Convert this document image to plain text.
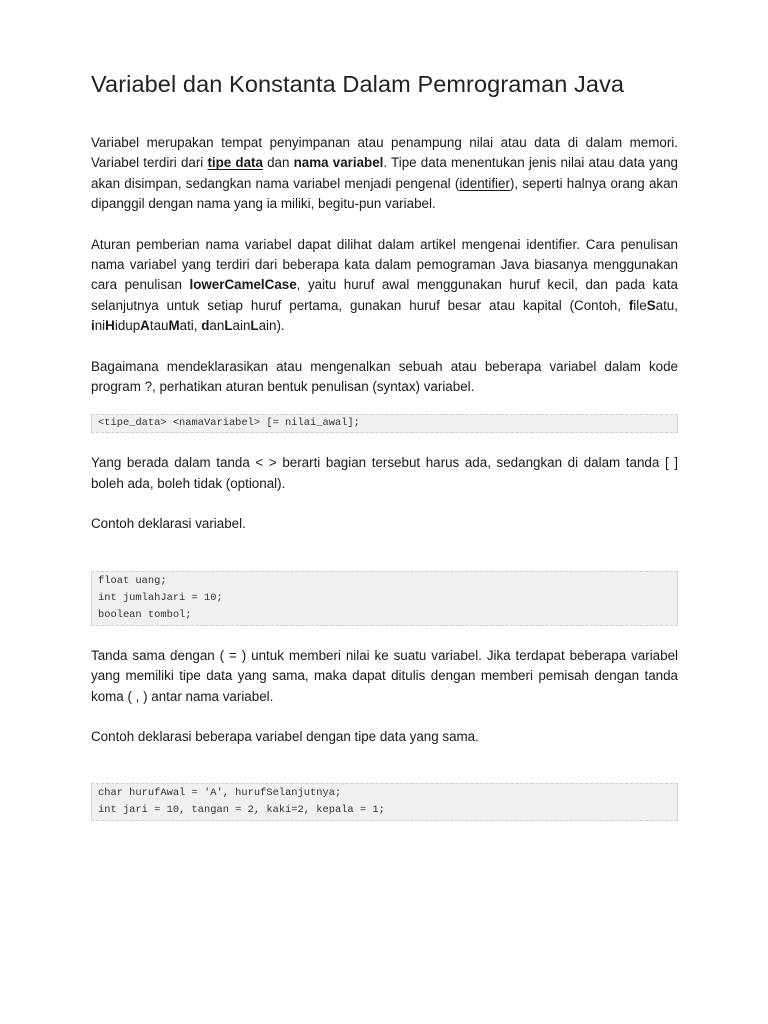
Variabel dan Konstanta Dalam Pemrograman Java

Variabel merupakan tempat penyimpanan atau penampung nilai atau data di dalam memori. Variabel terdiri dari tipe data dan nama variabel. Tipe data menentukan jenis nilai atau data yang akan disimpan, sedangkan nama variabel menjadi pengenal (identifier), seperti halnya orang akan dipanggil dengan nama yang ia miliki, begitu-pun variabel.

Aturan pemberian nama variabel dapat dilihat dalam artikel mengenai identifier. Cara penulisan nama variabel yang terdiri dari beberapa kata dalam pemograman Java biasanya menggunakan cara penulisan lowerCamelCase, yaitu huruf awal menggunakan huruf kecil, dan pada kata selanjutnya untuk setiap huruf pertama, gunakan huruf besar atau kapital (Contoh, fileSatu, iniHidupAtauMati, danLainLain).

Bagaimana mendeklarasikan atau mengenalkan sebuah atau beberapa variabel dalam kode program ?, perhatikan aturan bentuk penulisan (syntax) variabel.

<tipe_data> <namaVariabel> [= nilai_awal];

Yang berada dalam tanda < > berarti bagian tersebut harus ada, sedangkan di dalam tanda [ ] boleh ada, boleh tidak (optional).

Contoh deklarasi variabel.

float uang;
int jumlahJari = 10;
boolean tombol;

Tanda sama dengan ( = ) untuk memberi nilai ke suatu variabel. Jika terdapat beberapa variabel yang memiliki tipe data yang sama, maka dapat ditulis dengan memberi pemisah dengan tanda koma ( , ) antar nama variabel.

Contoh deklarasi beberapa variabel dengan tipe data yang sama.

char hurufAwal = 'A', hurufSelanjutnya;
int jari = 10, tangan = 2, kaki=2, kepala = 1;
